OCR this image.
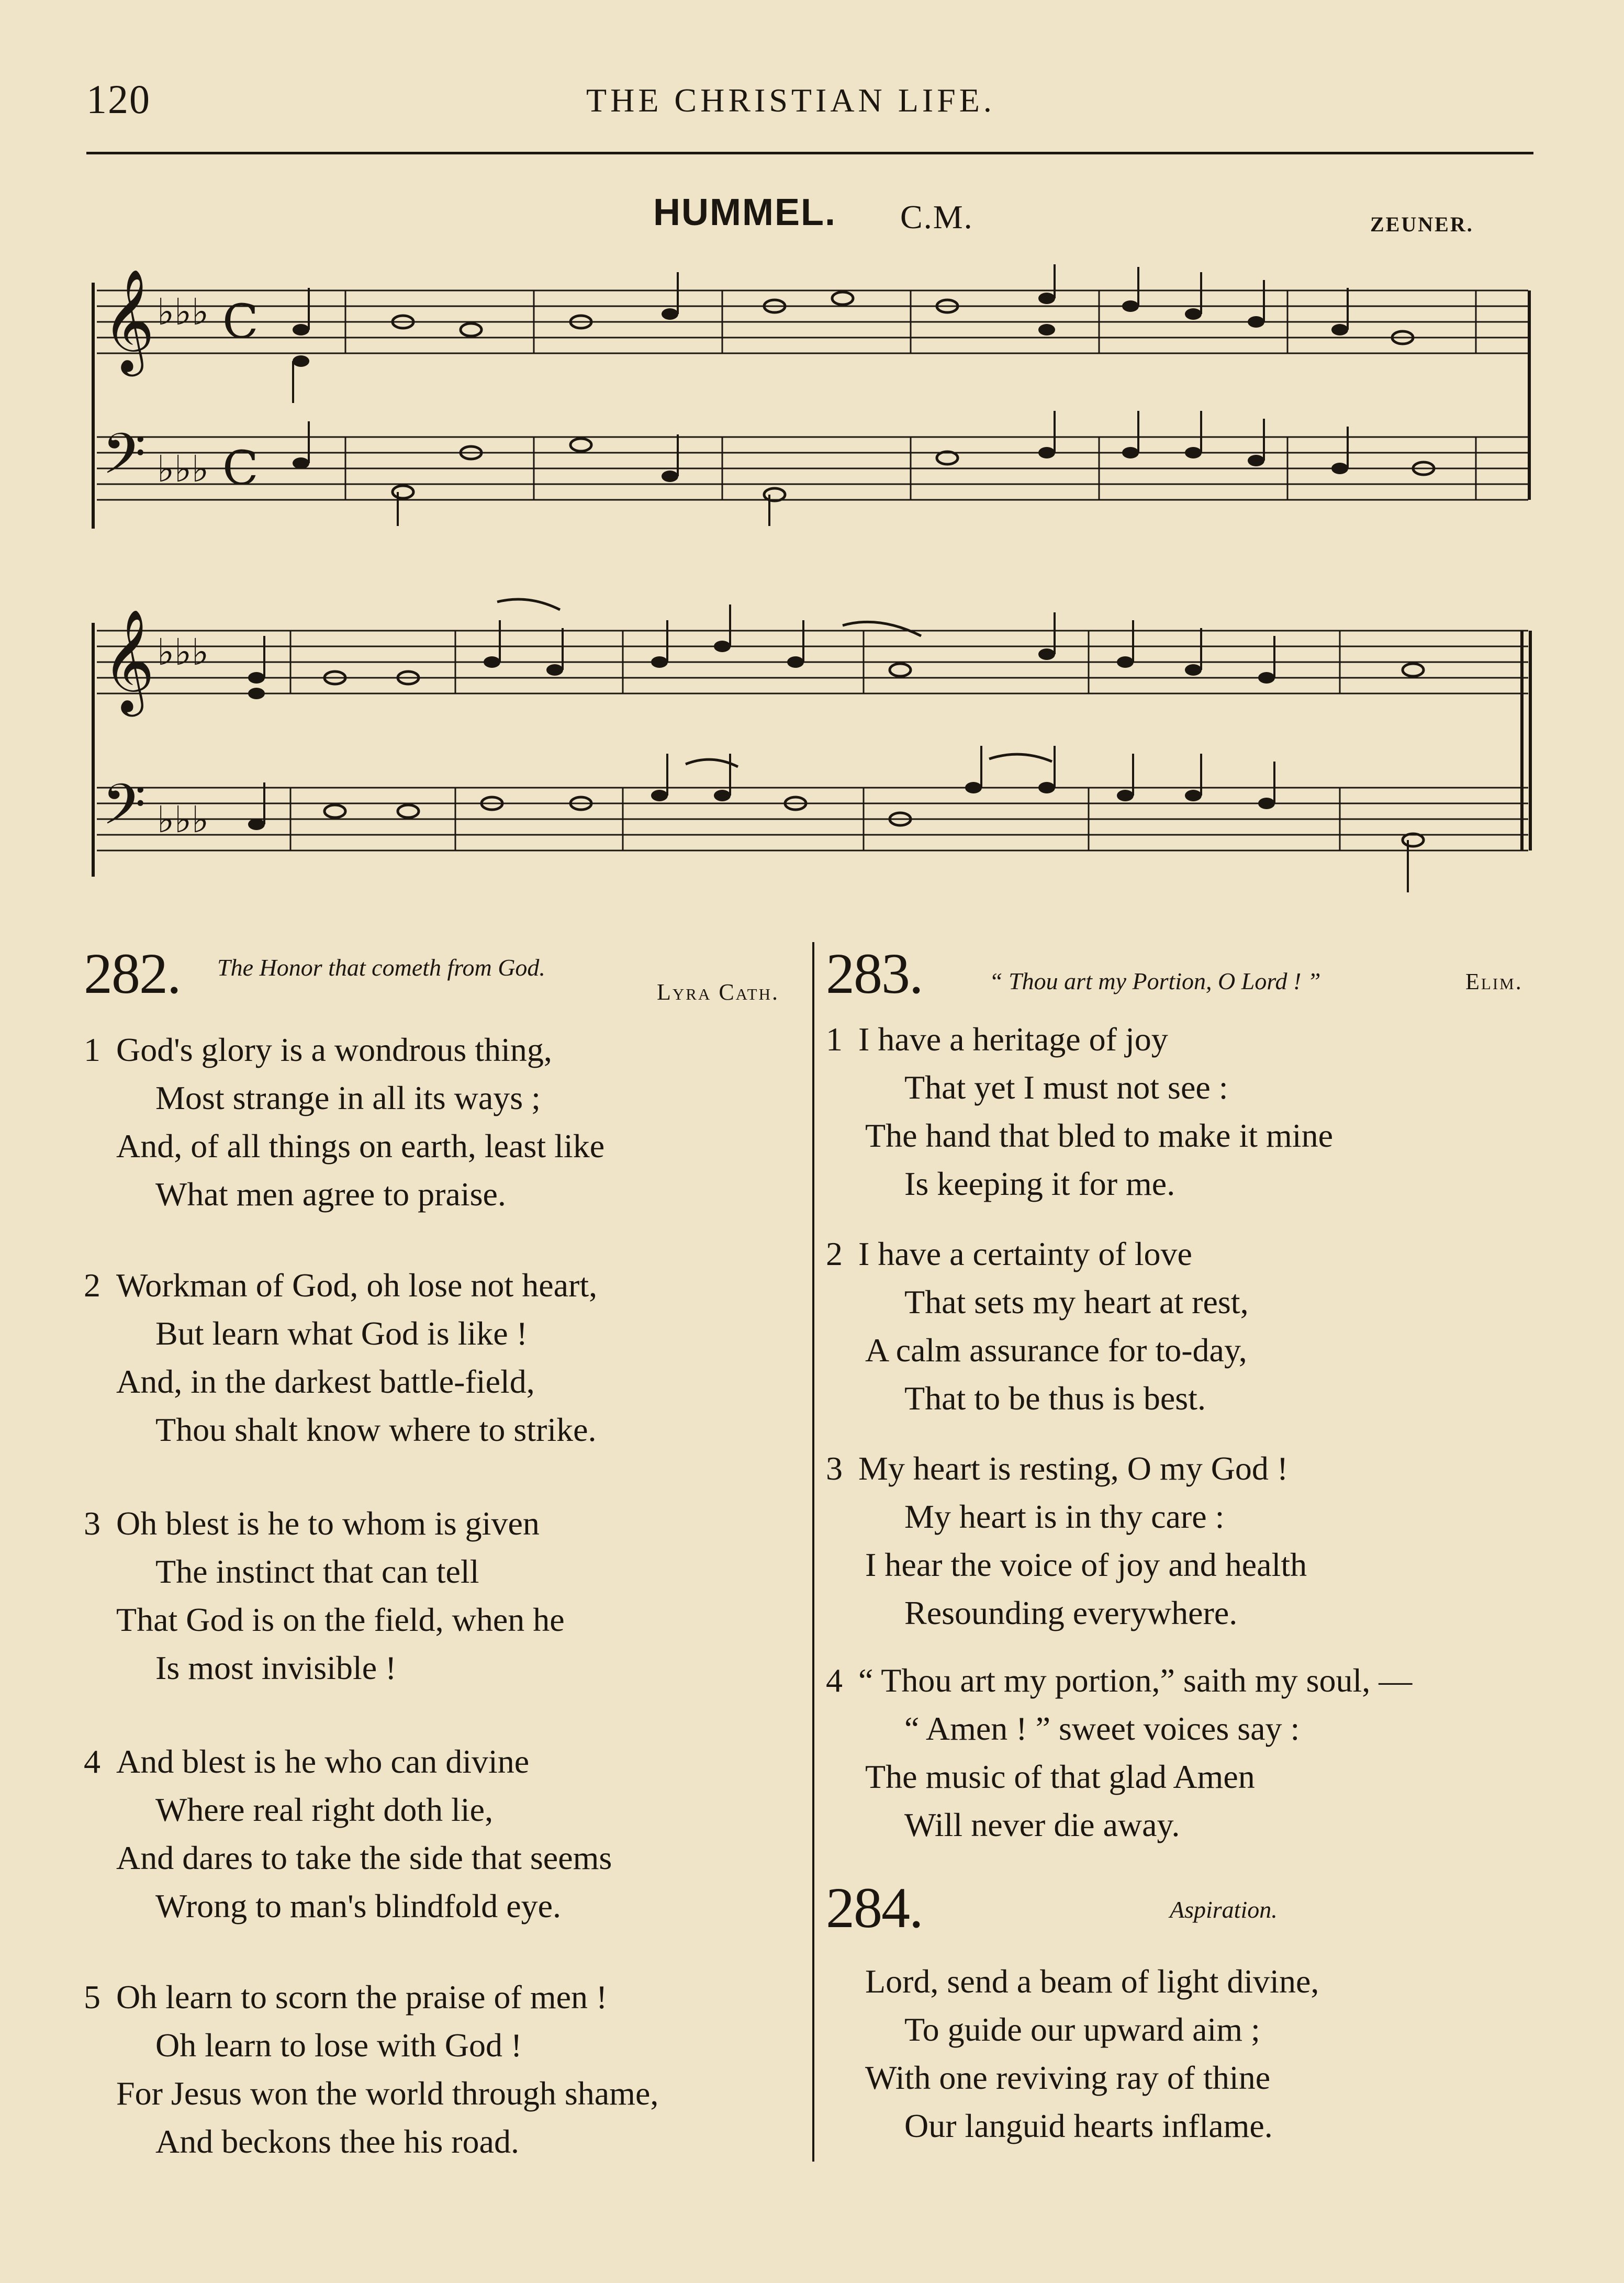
120	THE CHRISTIAN LIFE.
HUMMEL. C.M.	ZEUNER.
𝄞
𝄢
♭♭♭
♭♭♭
C
C
𝄞
𝄢
♭♭♭
♭♭♭
282. The Honor that cometh from God.
Lyra Cath.
1 God's glory is a wondrous thing,
Most strange in all its ways ;
And, of all things on earth, least like
What men agree to praise.
2 Workman of God, oh lose not heart,
But learn what God is like !
And, in the darkest battle-field,
Thou shalt know where to strike.
3 Oh blest is he to whom is given
The instinct that can tell
That God is on the field, when he
Is most invisible !
4 And blest is he who can divine
Where real right doth lie,
And dares to take the side that seems
Wrong to man's blindfold eye.
5 Oh learn to scorn the praise of men !
Oh learn to lose with God !
For Jesus won the world through shame,
And beckons thee his road.
283.	“ Thou art my Portion, O Lord ! ”	Elim.
1 I have a heritage of joy
That yet I must not see :
The hand that bled to make it mine
Is keeping it for me.
2 I have a certainty of love
That sets my heart at rest,
A calm assurance for to-day,
That to be thus is best.
3 My heart is resting, O my God !
My heart is in thy care :
I hear the voice of joy and health
Resounding everywhere.
4 “ Thou art my portion,” saith my soul, —
“ Amen ! ” sweet voices say :
The music of that glad Amen
Will never die away.
284.	Aspiration.
Lord, send a beam of light divine,
To guide our upward aim ;
With one reviving ray of thine
Our languid hearts inflame.
